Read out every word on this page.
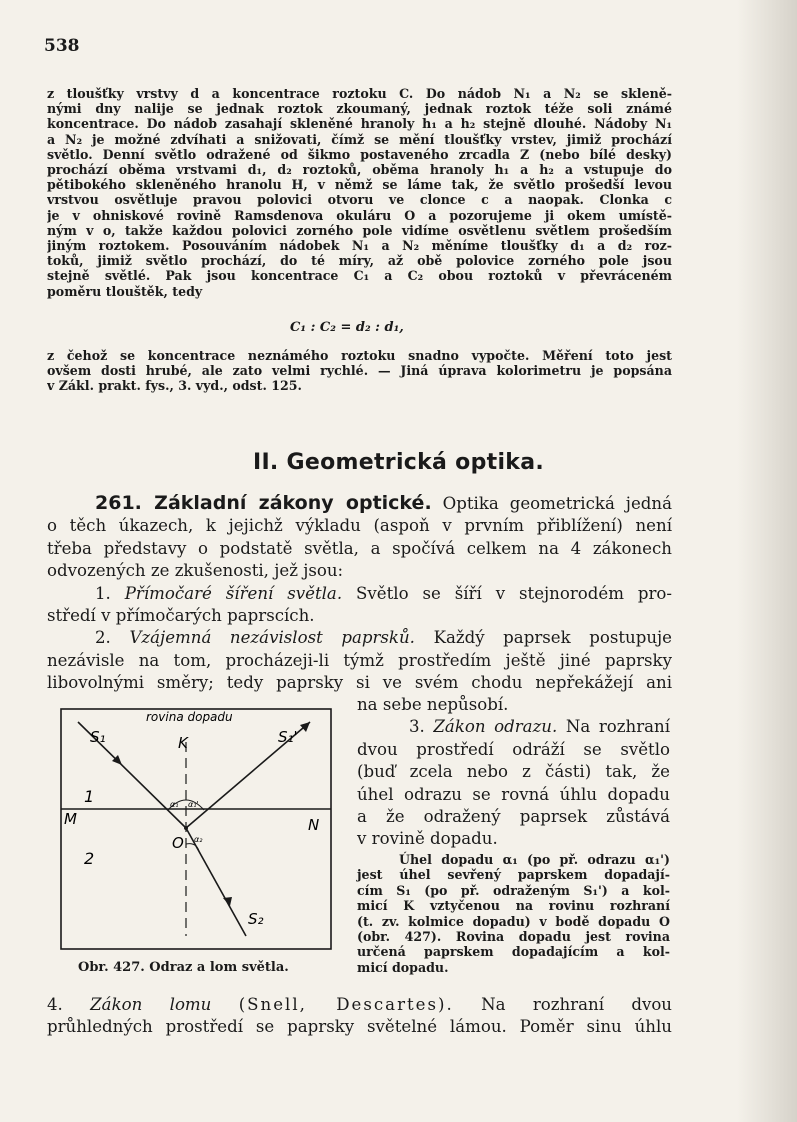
538
z tloušťky vrstvy d a koncentrace roztoku C. Do nádob N₁ a N₂ se skleně-
nými dny nalije se jednak roztok zkoumaný, jednak roztok téže soli známé
koncentrace. Do nádob zasahají skleněné hranoly h₁ a h₂ stejně dlouhé. Nádoby N₁
a N₂ je možné zdvíhati a snižovati, čímž se mění tloušťky vrstev, jimiž prochází
světlo. Denní světlo odražené od šikmo postaveného zrcadla Z (nebo bílé desky)
prochází oběma vrstvami d₁, d₂ roztoků, oběma hranoly h₁ a h₂ a vstupuje do
pětibokého skleněného hranolu H, v němž se láme tak, že světlo prošedší levou
vrstvou osvětluje pravou polovici otvoru ve clonce c a naopak. Clonka c
je v ohniskové rovině Ramsdenova okuláru O a pozorujeme ji okem umístě-
ným v o, takže každou polovici zorného pole vidíme osvětlenu světlem prošedším
jiným roztokem. Posouváním nádobek N₁ a N₂ měníme tloušťky d₁ a d₂ roz-
toků, jimiž světlo prochází, do té míry, až obě polovice zorného pole jsou
stejně světlé. Pak jsou koncentrace C₁ a C₂ obou roztoků v převráceném
poměru tlouštěk, tedy
C₁ : C₂ = d₂ : d₁,
z čehož se koncentrace neznámého roztoku snadno vypočte. Měření toto jest
ovšem dosti hrubé, ale zato velmi rychlé. — Jiná úprava kolorimetru je popsána
v Zákl. prakt. fys., 3. vyd., odst. 125.
II. Geometrická optika.
261. Základní zákony optické. Optika geometrická jedná
o těch úkazech, k jejichž výkladu (aspoň v prvním přiblížení) není
třeba představy o podstatě světla, a spočívá celkem na 4 zákonech
odvozených ze zkušenosti, jež jsou:
1. Přímočaré šíření světla. Světlo se šíří v stejnorodém pro-
středí v přímočarých paprscích.
2. Vzájemná nezávislost paprsků. Každý paprsek postupuje
nezávisle na tom, procházeji-li týmž prostředím ještě jiné paprsky
libovolnými směry; tedy paprsky si ve svém chodu nepřekážejí ani
na sebe nepůsobí.
3. Zákon odrazu. Na rozhraní
dvou prostředí odráží se světlo
(buď zcela nebo z části) tak, že
úhel odrazu se rovná úhlu dopadu
a že odražený paprsek zůstává
v rovině dopadu.
Úhel dopadu α₁ (po př. odrazu α₁')
jest úhel sevřený paprskem dopadají-
cím S₁ (po př. odraženým S₁') a kol-
micí K vztyčenou na rovinu rozhraní
(t. zv. kolmice dopadu) v bodě dopadu O
(obr. 427). Rovina dopadu jest rovina
určená paprskem dopadajícím a kol-
micí dopadu.
rovina dopadu
S₁	S₁'
K
1
M	N
O
2
S₂
α₁ α₁'
α₂
Obr. 427. Odraz a lom světla.
4. Zákon lomu (Snell, Descartes). Na rozhraní dvou
průhledných prostředí se paprsky světelné lámou. Poměr sinu úhlu
